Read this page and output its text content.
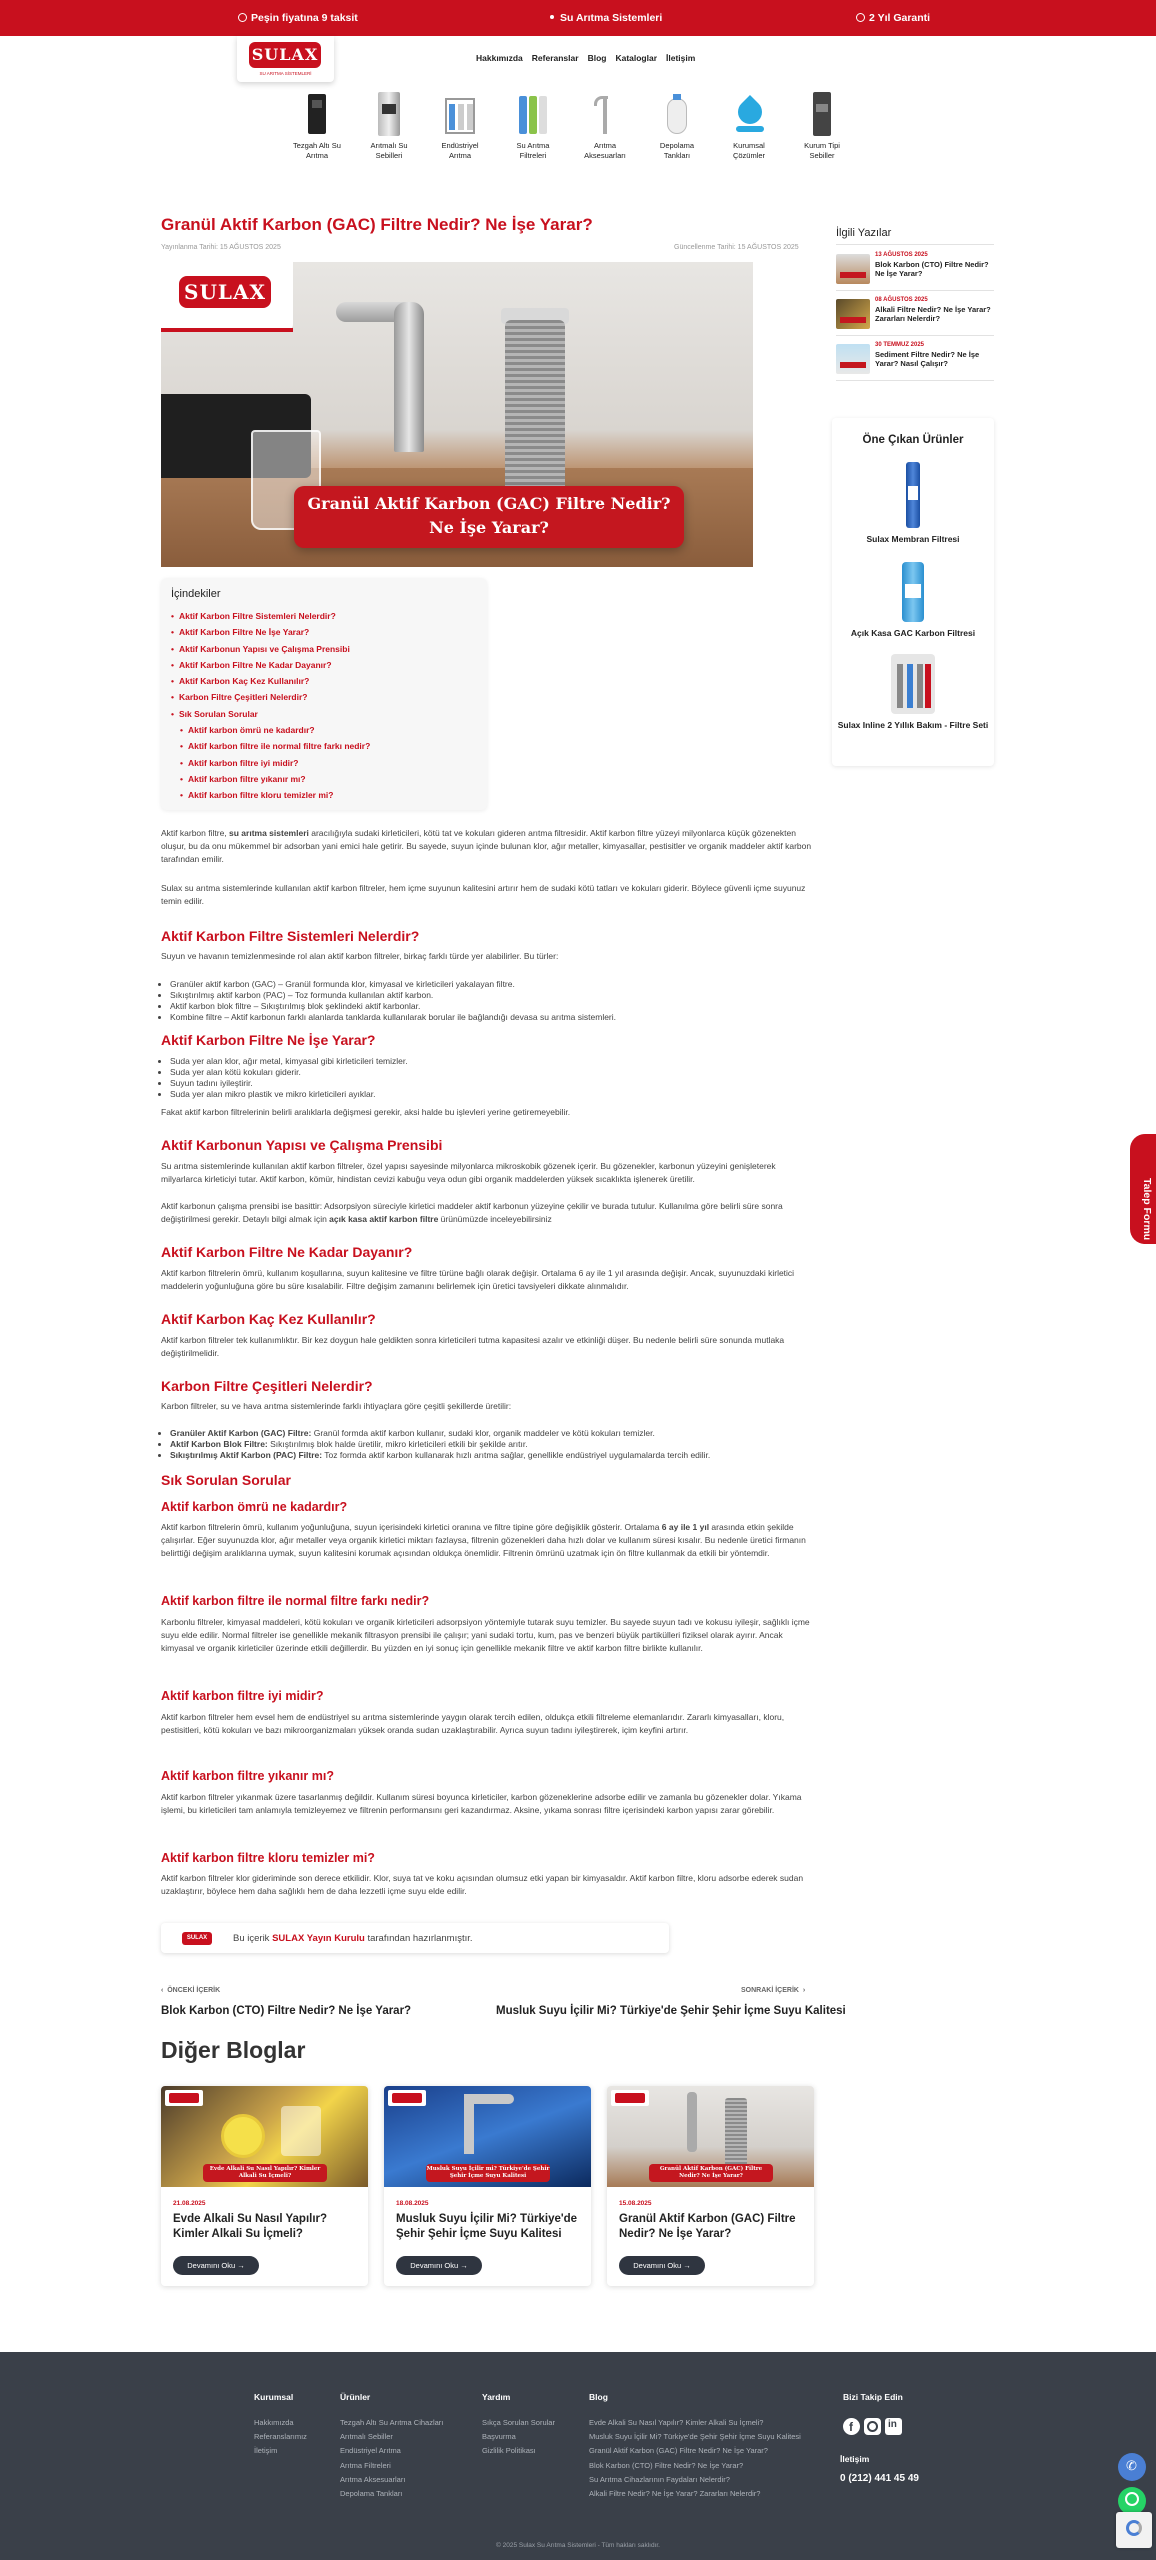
Peşin fiyatına 9 taksit	Su Arıtma Sistemleri	2 Yıl Garanti
SULAX
SU ARITMA SİSTEMLERİ
Hakkımızda Referanslar Blog Kataloglar İletişim
Tezgah Altı Su
Arıtma
Arıtmalı Su
Sebilleri
Endüstriyel
Arıtma
Su Arıtma
Filtreleri
Arıtma
Aksesuarları
Depolama
Tankları
Kurumsal
Çözümler
Kurum Tipi
Sebiller
Granül Aktif Karbon (GAC) Filtre Nedir? Ne İşe Yarar?
Yayınlanma Tarihi: 15 AĞUSTOS 2025	Güncellenme Tarihi: 15 AĞUSTOS 2025
SULAX
Granül Aktif Karbon (GAC) Filtre Nedir?
Ne İşe Yarar?
İçindekiler
• Aktif Karbon Filtre Sistemleri Nelerdir?
• Aktif Karbon Filtre Ne İşe Yarar?
• Aktif Karbonun Yapısı ve Çalışma Prensibi
• Aktif Karbon Filtre Ne Kadar Dayanır?
• Aktif Karbon Kaç Kez Kullanılır?
• Karbon Filtre Çeşitleri Nelerdir?
• Sık Sorulan Sorular
• Aktif karbon ömrü ne kadardır?
• Aktif karbon filtre ile normal filtre farkı nedir?
• Aktif karbon filtre iyi midir?
• Aktif karbon filtre yıkanır mı?
• Aktif karbon filtre kloru temizler mi?

Aktif karbon filtre, su arıtma sistemleri aracılığıyla sudaki kirleticileri, kötü tat ve kokuları gideren arıtma filtresidir. Aktif karbon filtre yüzeyi milyonlarca küçük gözenekten oluşur, bu da onu mükemmel bir adsorban yani emici hale getirir. Bu sayede, suyun içinde bulunan klor, ağır metaller, kimyasallar, pestisitler ve organik maddeler aktif karbon tarafından emilir.

Sulax su arıtma sistemlerinde kullanılan aktif karbon filtreler, hem içme suyunun kalitesini artırır hem de sudaki kötü tatları ve kokuları giderir. Böylece güvenli içme suyunuz temin edilir.

Aktif Karbon Filtre Sistemleri Nelerdir?

Suyun ve havanın temizlenmesinde rol alan aktif karbon filtreler, birkaç farklı türde yer alabilirler. Bu türler:

• Granüler aktif karbon (GAC) – Granül formunda klor, kimyasal ve kirleticileri yakalayan filtre.
• Sıkıştırılmış aktif karbon (PAC) – Toz formunda kullanılan aktif karbon.
• Aktif karbon blok filtre – Sıkıştırılmış blok şeklindeki aktif karbonlar.
• Kombine filtre – Aktif karbonun farklı alanlarda tanklarda kullanılarak borular ile bağlandığı devasa su arıtma sistemleri.
Aktif Karbon Filtre Ne İşe Yarar?
• Suda yer alan klor, ağır metal, kimyasal gibi kirleticileri temizler.
• Suda yer alan kötü kokuları giderir.
• Suyun tadını iyileştirir.
• Suda yer alan mikro plastik ve mikro kirleticileri ayıklar.

Fakat aktif karbon filtrelerinin belirli aralıklarla değişmesi gerekir, aksi halde bu işlevleri yerine getiremeyebilir.

Aktif Karbonun Yapısı ve Çalışma Prensibi

Su arıtma sistemlerinde kullanılan aktif karbon filtreler, özel yapısı sayesinde milyonlarca mikroskobik gözenek içerir. Bu gözenekler, karbonun yüzeyini genişleterek milyarlarca kirleticiyi tutar. Aktif karbon, kömür, hindistan cevizi kabuğu veya odun gibi organik maddelerden yüksek sıcaklıkta işlenerek üretilir.

Aktif karbonun çalışma prensibi ise basittir: Adsorpsiyon süreciyle kirletici maddeler aktif karbonun yüzeyine çekilir ve burada tutulur. Kullanılma göre belirli süre sonra değiştirilmesi gerekir. Detaylı bilgi almak için açık kasa aktif karbon filtre ürünümüzde inceleyebilirsiniz

Aktif Karbon Filtre Ne Kadar Dayanır?

Aktif karbon filtrelerin ömrü, kullanım koşullarına, suyun kalitesine ve filtre türüne bağlı olarak değişir. Ortalama 6 ay ile 1 yıl arasında değişir. Ancak, suyunuzdaki kirletici maddelerin yoğunluğuna göre bu süre kısalabilir. Filtre değişim zamanını belirlemek için üretici tavsiyeleri dikkate alınmalıdır.

Aktif Karbon Kaç Kez Kullanılır?

Aktif karbon filtreler tek kullanımlıktır. Bir kez doygun hale geldikten sonra kirleticileri tutma kapasitesi azalır ve etkinliği düşer. Bu nedenle belirli süre sonunda mutlaka değiştirilmelidir.

Karbon Filtre Çeşitleri Nelerdir?

Karbon filtreler, su ve hava arıtma sistemlerinde farklı ihtiyaçlara göre çeşitli şekillerde üretilir:

• Granüler Aktif Karbon (GAC) Filtre: Granül formda aktif karbon kullanır, sudaki klor, organik maddeler ve kötü kokuları temizler.
• Aktif Karbon Blok Filtre: Sıkıştırılmış blok halde üretilir, mikro kirleticileri etkili bir şekilde arıtır.
• Sıkıştırılmış Aktif Karbon (PAC) Filtre: Toz formda aktif karbon kullanarak hızlı arıtma sağlar, genellikle endüstriyel uygulamalarda tercih edilir.
Sık Sorulan Sorular
Aktif karbon ömrü ne kadardır?

Aktif karbon filtrelerin ömrü, kullanım yoğunluğuna, suyun içerisindeki kirletici oranına ve filtre tipine göre değişiklik gösterir. Ortalama 6 ay ile 1 yıl arasında etkin şekilde çalışırlar. Eğer suyunuzda klor, ağır metaller veya organik kirletici miktarı fazlaysa, filtrenin gözenekleri daha hızlı dolar ve kullanım süresi kısalır. Bu nedenle üretici firmanın belirttiği değişim aralıklarına uymak, suyun kalitesini korumak açısından oldukça önemlidir. Filtrenin ömrünü uzatmak için ön filtre kullanmak da etkili bir yöntemdir.

Aktif karbon filtre ile normal filtre farkı nedir?

Karbonlu filtreler, kimyasal maddeleri, kötü kokuları ve organik kirleticileri adsorpsiyon yöntemiyle tutarak suyu temizler. Bu sayede suyun tadı ve kokusu iyileşir, sağlıklı içme suyu elde edilir. Normal filtreler ise genellikle mekanik filtrasyon prensibi ile çalışır; yani sudaki tortu, kum, pas ve benzeri büyük partikülleri fiziksel olarak ayırır. Ancak kimyasal ve organik kirleticiler üzerinde etkili değillerdir. Bu yüzden en iyi sonuç için genellikle mekanik filtre ve aktif karbon filtre birlikte kullanılır.

Aktif karbon filtre iyi midir?

Aktif karbon filtreler hem evsel hem de endüstriyel su arıtma sistemlerinde yaygın olarak tercih edilen, oldukça etkili filtreleme elemanlarıdır. Zararlı kimyasalları, kloru, pestisitleri, kötü kokuları ve bazı mikroorganizmaları yüksek oranda sudan uzaklaştırabilir. Ayrıca suyun tadını iyileştirerek, içim keyfini artırır.

Aktif karbon filtre yıkanır mı?

Aktif karbon filtreler yıkanmak üzere tasarlanmış değildir. Kullanım süresi boyunca kirleticiler, karbon gözeneklerine adsorbe edilir ve zamanla bu gözenekler dolar. Yıkama işlemi, bu kirleticileri tam anlamıyla temizleyemez ve filtrenin performansını geri kazandırmaz. Aksine, yıkama sonrası filtre içerisindeki karbon yapısı zarar görebilir.

Aktif karbon filtre kloru temizler mi?

Aktif karbon filtreler klor gideriminde son derece etkilidir. Klor, suya tat ve koku açısından olumsuz etki yapan bir kimyasaldır. Aktif karbon filtre, kloru adsorbe ederek sudan uzaklaştırır, böylece hem daha sağlıklı hem de daha lezzetli içme suyu elde edilir.

SULAX	Bu içerik SULAX Yayın Kurulu tarafından hazırlanmıştır.
‹  ÖNCEKİ İÇERİK
Blok Karbon (CTO) Filtre Nedir? Ne İşe Yarar?
SONRAKİ İÇERİK  ›
Musluk Suyu İçilir Mi? Türkiye'de Şehir Şehir İçme Suyu Kalitesi
Diğer Bloglar
Evde Alkali Su Nasıl Yapılır? Kimler Alkali Su İçmeli?
21.08.2025
Evde Alkali Su Nasıl Yapılır? Kimler Alkali Su İçmeli?
Devamını Oku →
Musluk Suyu İçilir mi? Türkiye'de Şehir Şehir İçme Suyu Kalitesi
18.08.2025
Musluk Suyu İçilir Mi? Türkiye'de Şehir Şehir İçme Suyu Kalitesi
Devamını Oku →
Granül Aktif Karbon (GAC) Filtre Nedir? Ne İşe Yarar?
15.08.2025
Granül Aktif Karbon (GAC) Filtre Nedir? Ne İşe Yarar?
Devamını Oku →
İlgili Yazılar
13 AĞUSTOS 2025
Blok Karbon (CTO) Filtre Nedir? Ne İşe Yarar?
08 AĞUSTOS 2025
Alkali Filtre Nedir? Ne İşe Yarar? Zararları Nelerdir?
30 TEMMUZ 2025
Sediment Filtre Nedir? Ne İşe Yarar? Nasıl Çalışır?
Öne Çıkan Ürünler
Sulax Membran Filtresi
Açık Kasa GAC Karbon Filtresi
Sulax Inline 2 Yıllık Bakım - Filtre Seti
Talep Formu
Kurumsal
Hakkımızda
Referanslarımız
İletişim
Ürünler
Tezgah Altı Su Arıtma Cihazları
Arıtmalı Sebiller
Endüstriyel Arıtma
Arıtma Filtreleri
Arıtma Aksesuarları
Depolama Tankları
Yardım
Sıkça Sorulan Sorular
Başvurma
Gizlilik Politikası
Blog
Evde Alkali Su Nasıl Yapılır? Kimler Alkali Su İçmeli?
Musluk Suyu İçilir Mi? Türkiye'de Şehir Şehir İçme Suyu Kalitesi
Granül Aktif Karbon (GAC) Filtre Nedir? Ne İşe Yarar?
Blok Karbon (CTO) Filtre Nedir? Ne İşe Yarar?
Su Arıtma Cihazlarının Faydaları Nelerdir?
Alkali Filtre Nedir? Ne İşe Yarar? Zararları Nelerdir?
Bizi Takip Edin
f	in
İletişim
0 (212) 441 45 49
✆
© 2025 Sulax Su Arıtma Sistemleri - Tüm hakları saklıdır.
